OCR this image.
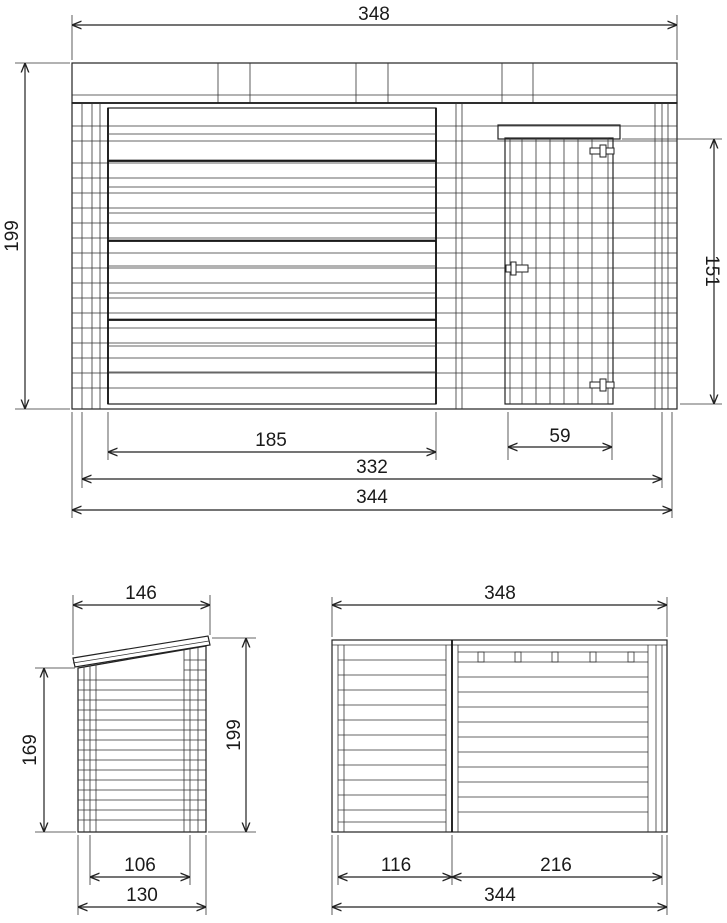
348
199
151
185	59
332
344
146
169	199
106
130
348
116	216
344
